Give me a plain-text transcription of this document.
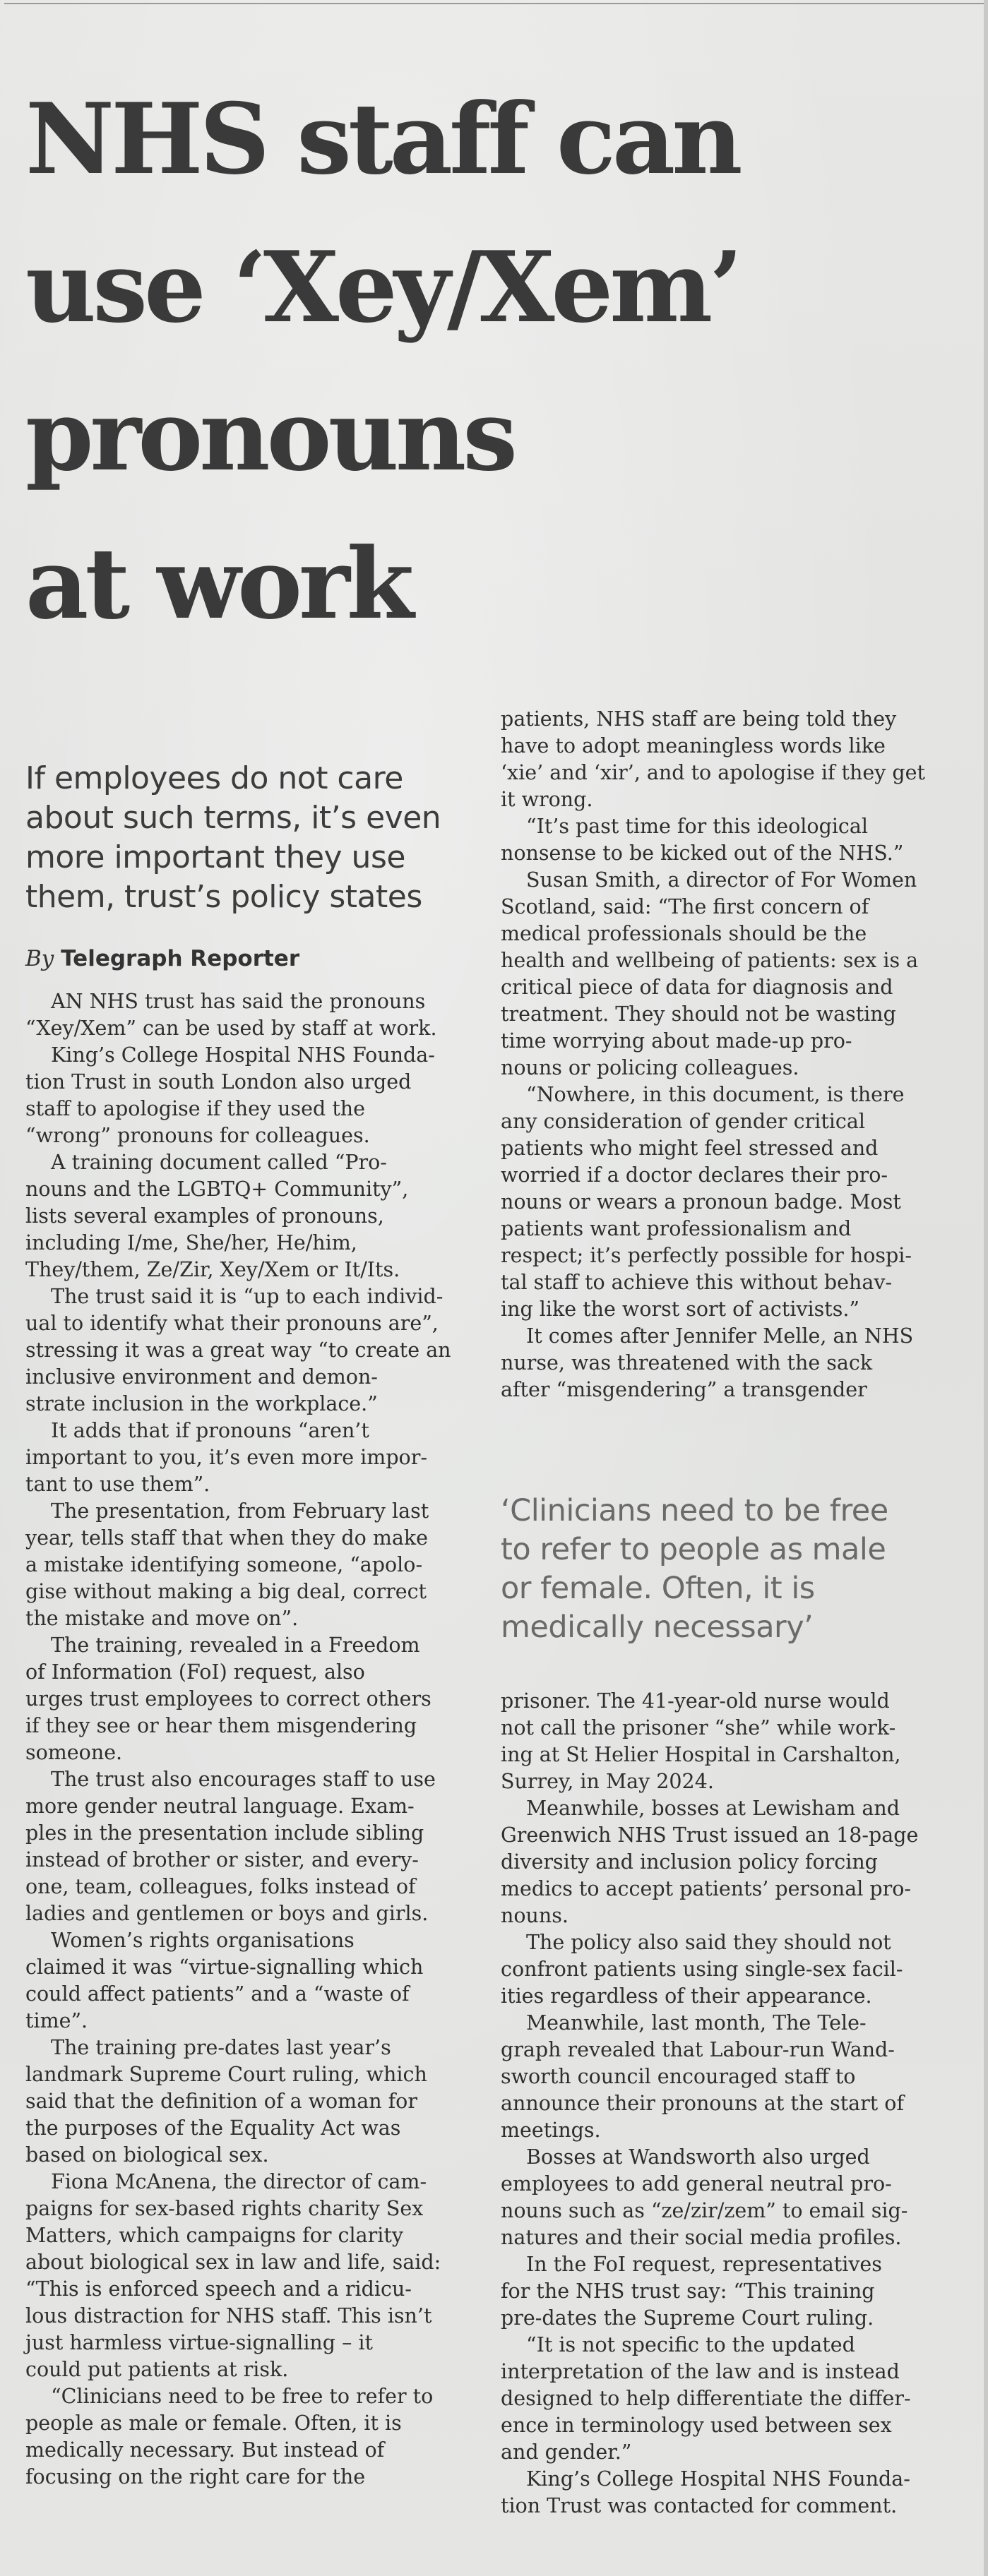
NHS staff can
use ‘Xey/Xem’
pronouns
at work
If employees do not care
about such terms, it’s even
more important they use
them, trust’s policy states
By Telegraph Reporter
AN NHS trust has said the pronouns
“Xey/Xem” can be used by staff at work.
King’s College Hospital NHS Founda-
tion Trust in south London also urged
staff to apologise if they used the
“wrong” pronouns for colleagues.
A training document called “Pro-
nouns and the LGBTQ+ Community”,
lists several examples of pronouns,
including I/me, She/her, He/him,
They/them, Ze/Zir, Xey/Xem or It/Its.
The trust said it is “up to each individ-
ual to identify what their pronouns are”,
stressing it was a great way “to create an
inclusive environment and demon-
strate inclusion in the workplace.”
It adds that if pronouns “aren’t
important to you, it’s even more impor-
tant to use them”.
The presentation, from February last
year, tells staff that when they do make
a mistake identifying someone, “apolo-
gise without making a big deal, correct
the mistake and move on”.
The training, revealed in a Freedom
of Information (FoI) request, also
urges trust employees to correct others
if they see or hear them misgendering
someone.
The trust also encourages staff to use
more gender neutral language. Exam-
ples in the presentation include sibling
instead of brother or sister, and every-
one, team, colleagues, folks instead of
ladies and gentlemen or boys and girls.
Women’s rights organisations
claimed it was “virtue-signalling which
could affect patients” and a “waste of
time”.
The training pre-dates last year’s
landmark Supreme Court ruling, which
said that the definition of a woman for
the purposes of the Equality Act was
based on biological sex.
Fiona McAnena, the director of cam-
paigns for sex-based rights charity Sex
Matters, which campaigns for clarity
about biological sex in law and life, said:
“This is enforced speech and a ridicu-
lous distraction for NHS staff. This isn’t
just harmless virtue-signalling – it
could put patients at risk.
“Clinicians need to be free to refer to
people as male or female. Often, it is
medically necessary. But instead of
focusing on the right care for the
patients, NHS staff are being told they
have to adopt meaningless words like
‘xie’ and ‘xir’, and to apologise if they get
it wrong.
“It’s past time for this ideological
nonsense to be kicked out of the NHS.”
Susan Smith, a director of For Women
Scotland, said: “The first concern of
medical professionals should be the
health and wellbeing of patients: sex is a
critical piece of data for diagnosis and
treatment. They should not be wasting
time worrying about made-up pro-
nouns or policing colleagues.
“Nowhere, in this document, is there
any consideration of gender critical
patients who might feel stressed and
worried if a doctor declares their pro-
nouns or wears a pronoun badge. Most
patients want professionalism and
respect; it’s perfectly possible for hospi-
tal staff to achieve this without behav-
ing like the worst sort of activists.”
It comes after Jennifer Melle, an NHS
nurse, was threatened with the sack
after “misgendering” a transgender
‘Clinicians need to be free
to refer to people as male
or female. Often, it is
medically necessary’
prisoner. The 41-year-old nurse would
not call the prisoner “she” while work-
ing at St Helier Hospital in Carshalton,
Surrey, in May 2024.
Meanwhile, bosses at Lewisham and
Greenwich NHS Trust issued an 18-page
diversity and inclusion policy forcing
medics to accept patients’ personal pro-
nouns.
The policy also said they should not
confront patients using single-sex facil-
ities regardless of their appearance.
Meanwhile, last month, The Tele-
graph revealed that Labour-run Wand-
sworth council encouraged staff to
announce their pronouns at the start of
meetings.
Bosses at Wandsworth also urged
employees to add general neutral pro-
nouns such as “ze/zir/zem” to email sig-
natures and their social media profiles.
In the FoI request, representatives
for the NHS trust say: “This training
pre-dates the Supreme Court ruling.
“It is not specific to the updated
interpretation of the law and is instead
designed to help differentiate the differ-
ence in terminology used between sex
and gender.”
King’s College Hospital NHS Founda-
tion Trust was contacted for comment.
